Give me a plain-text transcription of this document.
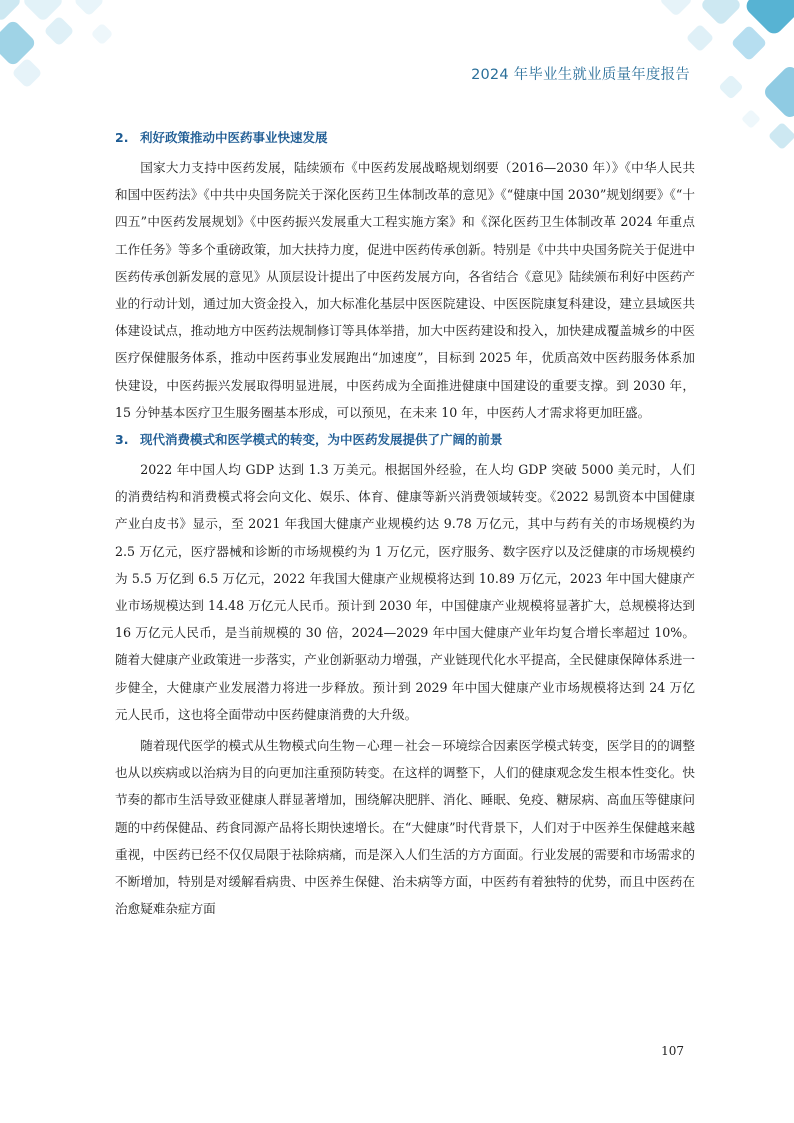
2024 年毕业生就业质量年度报告
2. 利好政策推动中医药事业快速发展

国家大力支持中医药发展，陆续颁布《中医药发展战略规划纲要（2016—2030 年）》《中华人民共和国中医药法》《中共中央国务院关于深化医药卫生体制改革的意见》《“健康中国 2030”规划纲要》《“十四五”中医药发展规划》《中医药振兴发展重大工程实施方案》和《深化医药卫生体制改革 2024 年重点工作任务》等多个重磅政策，加大扶持力度，促进中医药传承创新。特别是《中共中央国务院关于促进中医药传承创新发展的意见》从顶层设计提出了中医药发展方向，各省结合《意见》陆续颁布利好中医药产业的行动计划，通过加大资金投入，加大标准化基层中医医院建设、中医医院康复科建设，建立县域医共体建设试点，推动地方中医药法规制修订等具体举措，加大中医药建设和投入，加快建成覆盖城乡的中医医疗保健服务体系，推动中医药事业发展跑出“加速度”，目标到 2025 年，优质高效中医药服务体系加快建设，中医药振兴发展取得明显进展，中医药成为全面推进健康中国建设的重要支撑。到 2030 年，15 分钟基本医疗卫生服务圈基本形成，可以预见，在未来 10 年，中医药人才需求将更加旺盛。

3. 现代消费模式和医学模式的转变，为中医药发展提供了广阔的前景

2022 年中国人均 GDP 达到 1.3 万美元。根据国外经验，在人均 GDP 突破 5000 美元时，人们的消费结构和消费模式将会向文化、娱乐、体育、健康等新兴消费领域转变。《2022 易凯资本中国健康产业白皮书》显示，至 2021 年我国大健康产业规模约达 9.78 万亿元，其中与药有关的市场规模约为 2.5 万亿元，医疗器械和诊断的市场规模约为 1 万亿元，医疗服务、数字医疗以及泛健康的市场规模约为 5.5 万亿到 6.5 万亿元，2022 年我国大健康产业规模将达到 10.89 万亿元，2023 年中国大健康产业市场规模达到 14.48 万亿元人民币。预计到 2030 年，中国健康产业规模将显著扩大，总规模将达到 16 万亿元人民币，是当前规模的 30 倍，2024—2029 年中国大健康产业年均复合增长率超过 10%。随着大健康产业政策进一步落实，产业创新驱动力增强，产业链现代化水平提高，全民健康保障体系进一步健全，大健康产业发展潜力将进一步释放。预计到 2029 年中国大健康产业市场规模将达到 24 万亿元人民币，这也将全面带动中医药健康消费的大升级。

随着现代医学的模式从生物模式向生物－心理－社会－环境综合因素医学模式转变，医学目的的调整也从以疾病或以治病为目的向更加注重预防转变。在这样的调整下，人们的健康观念发生根本性变化。快节奏的都市生活导致亚健康人群显著增加，围绕解决肥胖、消化、睡眠、免疫、糖尿病、高血压等健康问题的中药保健品、药食同源产品将长期快速增长。在“大健康”时代背景下，人们对于中医养生保健越来越重视，中医药已经不仅仅局限于祛除病痛，而是深入人们生活的方方面面。行业发展的需要和市场需求的不断增加，特别是对缓解看病贵、中医养生保健、治未病等方面，中医药有着独特的优势，而且中医药在治愈疑难杂症方面

107
